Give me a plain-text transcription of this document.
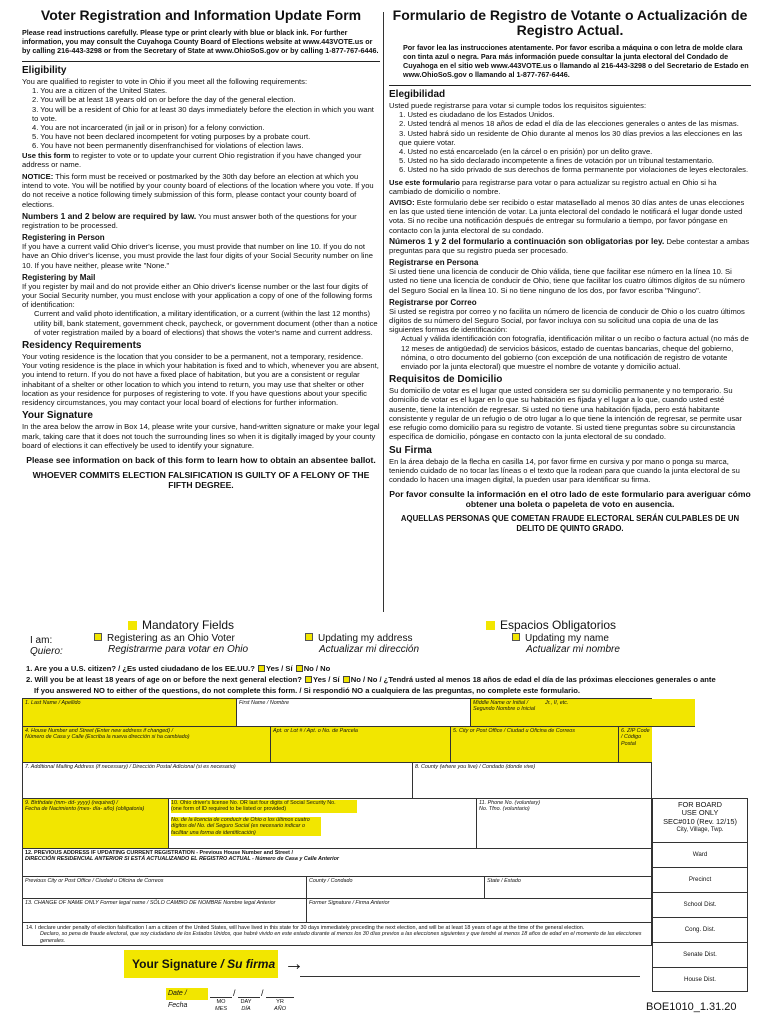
Voter Registration and Information Update Form
Please read instructions carefully. Please type or print clearly with blue or black ink. For further information, you may consult the Cuyahoga County Board of Elections website at www.443VOTE.us or by calling 216-443-3298 or from the Secretary of State at www.OhioSoS.gov or by calling 1-877-767-6446.
Eligibility

You are qualified to register to vote in Ohio if you meet all the following requirements:

1. You are a citizen of the United States.
2. You will be at least 18 years old on or before the day of the general election.
3. You will be a resident of Ohio for at least 30 days immediately before the election in which you want to vote.
4. You are not incarcerated (in jail or in prison) for a felony conviction.
5. You have not been declared incompetent for voting purposes by a probate court.
6. You have not been permanently disenfranchised for violations of election laws.

Use this form to register to vote or to update your current Ohio registration if you have changed your address or name.

NOTICE: This form must be received or postmarked by the 30th day before an election at which you intend to vote. You will be notified by your county board of elections of the location where you vote. If you do not receive a notice following timely submission of this form, please contact your county board of elections.

Numbers 1 and 2 below are required by law. You must answer both of the questions for your registration to be processed.

Registering in Person

If you have a current valid Ohio driver's license, you must provide that number on line 10. If you do not have an Ohio driver's license, you must provide the last four digits of your Social Security number on line 10. If you have neither, please write "None."

Registering by Mail

If you register by mail and do not provide either an Ohio driver's license number or the last four digits of your Social Security number, you must enclose with your application a copy of one of the following forms of identification:

Current and valid photo identification, a military identification, or a current (within the last 12 months) utility bill, bank statement, government check, paycheck, or government document (other than a notice of voter registration mailed by a board of elections) that shows the voter's name and current address.

Residency Requirements

Your voting residence is the location that you consider to be a permanent, not a temporary, residence. Your voting residence is the place in which your habitation is fixed and to which, whenever you are absent, you intend to return. If you do not have a fixed place of habitation, but you are a consistent or regular inhabitant of a shelter or other location to which you intend to return, you may use that shelter or other location as your residence for purposes of registering to vote. If you have questions about your specific residency circumstances, you may contact your local board of elections for further information.

Your Signature

In the area below the arrow in Box 14, please write your cursive, hand-written signature or make your legal mark, taking care that it does not touch the surrounding lines so when it is digitally imaged by your county board of elections it can effectively be used to identify your signature.

Please see information on back of this form to learn how to obtain an absentee ballot.
WHOEVER COMMITS ELECTION FALSIFICATION IS GUILTY OF A FELONY OF THE FIFTH DEGREE.
Formulario de Registro de Votante o Actualización de Registro Actual.
Por favor lea las instrucciones atentamente. Por favor escriba a máquina o con letra de molde clara con tinta azul o negra. Para más información puede consultar la junta electoral del Condado de Cuyahoga en el sitio web www.443VOTE.us o llamando al 216-443-3298 o del Secretario de Estado en www.OhioSoS.gov o llamando al 1-877-767-6446.
Elegibilidad

Usted puede registrarse para votar si cumple todos los requisitos siguientes:

1. Usted es ciudadano de los Estados Unidos.
2. Usted tendrá al menos 18 años de edad el día de las elecciones generales o antes de las mismas.
3. Usted habrá sido un residente de Ohio durante al menos los 30 días previos a las elecciones en las que quiere votar.
4. Usted no está encarcelado (en la cárcel o en prisión) por un delito grave.
5. Usted no ha sido declarado incompetente a fines de votación por un tribunal testamentario.
6. Usted no ha sido privado de sus derechos de forma permanente por violaciones de leyes electorales.

Use este formulario para registrarse para votar o para actualizar su registro actual en Ohio si ha cambiado de domicilio o nombre.

AVISO: Este formulario debe ser recibido o estar matasellado al menos 30 días antes de unas elecciones en las que usted tiene intención de votar. La junta electoral del condado le notificará el lugar donde usted vota. Si no recibe una notificación después de entregar su formulario a tiempo, por favor póngase en contacto con la junta electoral de su condado.

Números 1 y 2 del formulario a continuación son obligatorias por ley. Debe contestar a ambas preguntas para que su registro pueda ser procesado.

Registrarse en Persona

Si usted tiene una licencia de conducir de Ohio válida, tiene que facilitar ese número en la línea 10. Si usted no tiene una licencia de conducir de Ohio, tiene que facilitar los cuatro últimos dígitos de su número del Seguro Social en la línea 10. Si no tiene ninguno de los dos, por favor escriba "Ninguno".

Registrarse por Correo

Si usted se registra por correo y no facilita un número de licencia de conducir de Ohio o los cuatro últimos dígitos de su número del Seguro Social, por favor incluya con su solicitud una copia de una de las siguientes formas de identificación:

Actual y válida identificación con fotografía, identificación militar o un recibo o factura actual (no más de 12 meses de antigüedad) de servicios básicos, estado de cuentas bancarias, cheque del gobierno, nómina, o otro documento del gobierno (con excepción de una notificación de registro de votante enviado por la junta electoral) que muestre el nombre de votante y domicilio actual.

Requisitos de Domicilio

Su domicilio de votar es el lugar que usted considera ser su domicilio permanente y no temporario. Su domicilio de votar es el lugar en lo que su habitación es fijada y el lugar a lo que, cuando usted esté ausente, tiene la intención de regresar. Si usted no tiene una habitación fijada, pero está habitante consistente y regular de un refugio o de otro lugar a lo que tiene la intención de regresar, se permite usar ese refugio como domicilio para su registro de votante. Si usted tiene preguntas sobre su circunstancia específica de domicilio, póngase en contacto con la junta electoral de su condado.

Su Firma

En la área debajo de la flecha en casilla 14, por favor firme en cursiva y por mano o ponga su marca, teniendo cuidado de no tocar las líneas o el texto que la rodean para que cuando la junta electoral de su condado lo hacen una imagen digital, la pueden usar para identificar su firma.

Por favor consulte la información en el otro lado de este formulario para averiguar cómo obtener una boleta o papeleta de voto en ausencia.
AQUELLAS PERSONAS QUE COMETAN FRAUDE ELECTORAL SERÁN CULPABLES DE UN DELITO DE QUINTO GRADO.
Mandatory Fields	Espacios Obligatorios
I am:
Quiero:
Registering as an Ohio Voter
Registrarme para votar en Ohio
Updating my address
Actualizar mi dirección
Updating my name
Actualizar mi nombre
1. Are you a U.S. citizen? / ¿Es usted ciudadano de los EE.UU.? Yes / Sí No / No
2. Will you be at least 18 years of age on or before the next general election? Yes / Sí No / No / ¿Tendrá usted al menos 18 años de edad el día de las próximas elecciones generales o ante
If you answered NO to either of the questions, do not complete this form. / Si respondió NO a cualquiera de las preguntas, no complete este formulario.
1. Last Name / Apellido	First Name / Nombre	Middle Name or Initial /
Segundo Nombre o Inicial
Jr., II, etc.
4. House Number and Street (Enter new address if changed) /
Número de Casa y Calle (Escriba la nueva dirección si ha cambiado)
Apt. or Lot # / Apt. o No. de Parcela	5. City or Post Office / Ciudad u Oficina de Correos	6. ZIP Code / Código Postal
7. Additional Mailing Address (if necessary) / Dirección Postal Adicional (si es necesario)	8. County (where you live) / Condado (donde vive)
9. Birthdate (mm- dd- yyyy) (required) /
Fecha de Nacimiento (mes- día- año) (obligatoria)
10. Ohio driver's license No. OR last four digits of Social Security No.
(one form of ID required to be listed or provided)
No. de la licencia de conducir de Ohio o los últimos cuatro dígitos del No. del Seguro Social (es necesario indicar o facilitar una forma de identificación)
11. Phone No. (voluntary)
No. Tfno. (voluntario)
12. PREVIOUS ADDRESS IF UPDATING CURRENT REGISTRATION - Previous House Number and Street /
DIRECCIÓN RESIDENCIAL ANTERIOR SI ESTÁ ACTUALIZANDO EL REGISTRO ACTUAL - Número de Casa y Calle Anterior
Previous City or Post Office / Ciudad u Oficina de Correos	County / Condado	State / Estado
13. CHANGE OF NAME ONLY Former legal name / SÓLO CAMBIO DE NOMBRE Nombre legal Anterior	Former Signature / Firma Anterior
FOR BOARD
USE ONLY
SEC#010 (Rev. 12/15)
City, Village, Twp.
Ward
Precinct
School Dist.
Cong. Dist.
Senate Dist.
House Dist.
14. I declare under penalty of election falsification I am a citizen of the United States, will have lived in this state for 30 days immediately preceding the next election, and will be at least 18 years of age at the time of the general election.
Declaro, so pena de fraude electoral, que soy ciudadano de los Estados Unidos, que habré vivido en este estado durante al menos los 30 días previos a las elecciones siguientes y que tendré al menos 18 años de edad en el momento de las elecciones generales.
Your Signature / Su firma →
Date / Fecha
/	/
MO
MES
DAY
DÍA
YR
AÑO	BOE1010_1.31.20
